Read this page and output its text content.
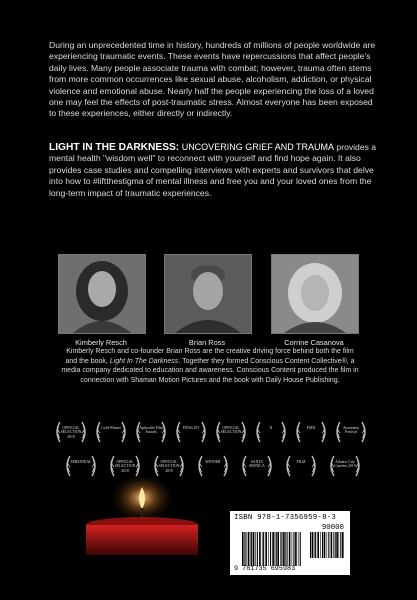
During an unprecedented time in history, hundreds of millions of people worldwide are experiencing traumatic events. These events have repercussions that affect people's daily lives. Many people associate trauma with combat; however, trauma often stems from more common occurrences like sexual abuse, alcoholism, addiction, or physical violence and emotional abuse. Nearly half the people experiencing the loss of a loved one may feel the effects of post-traumatic stress. Almost everyone has been exposed to these experiences, either directly or indirectly.
LIGHT IN THE DARKNESS: UNCOVERING GRIEF AND TRAUMA provides a mental health "wisdom well" to reconnect with yourself and find hope again. It also provides case studies and compelling interviews with experts and survivors that delve into how to #liftthestigma of mental illness and free you and your loved ones from the long-term impact of traumatic experiences.
Kimberly Resch	Brian Ross	Corrine Casanova
Kimberly Resch and co-founder Brian Ross are the creative driving force behind both the film and the book, Light In The Darkness. Together they formed Conscious Content Collective®, a media company dedicated to education and awareness. Conscious Content produced the film in connection with Shaman Motion Pictures and the book with Daily House Publishing.
OFFICIAL SELECTION 2019
Gold Winner	Aphrodite Film Awards
FINALIST	OFFICIAL SELECTION
N	FMII	Awareness Festival
PERENNIAL	OFFICIAL SELECTION 2018
OFFICIAL SELECTION 2019
WINNER	SANTA MONICA
FILM	Atlantic City Cinefest 2019
ISBN 978-1-7356959-8-3
90000
9 781735 695983
